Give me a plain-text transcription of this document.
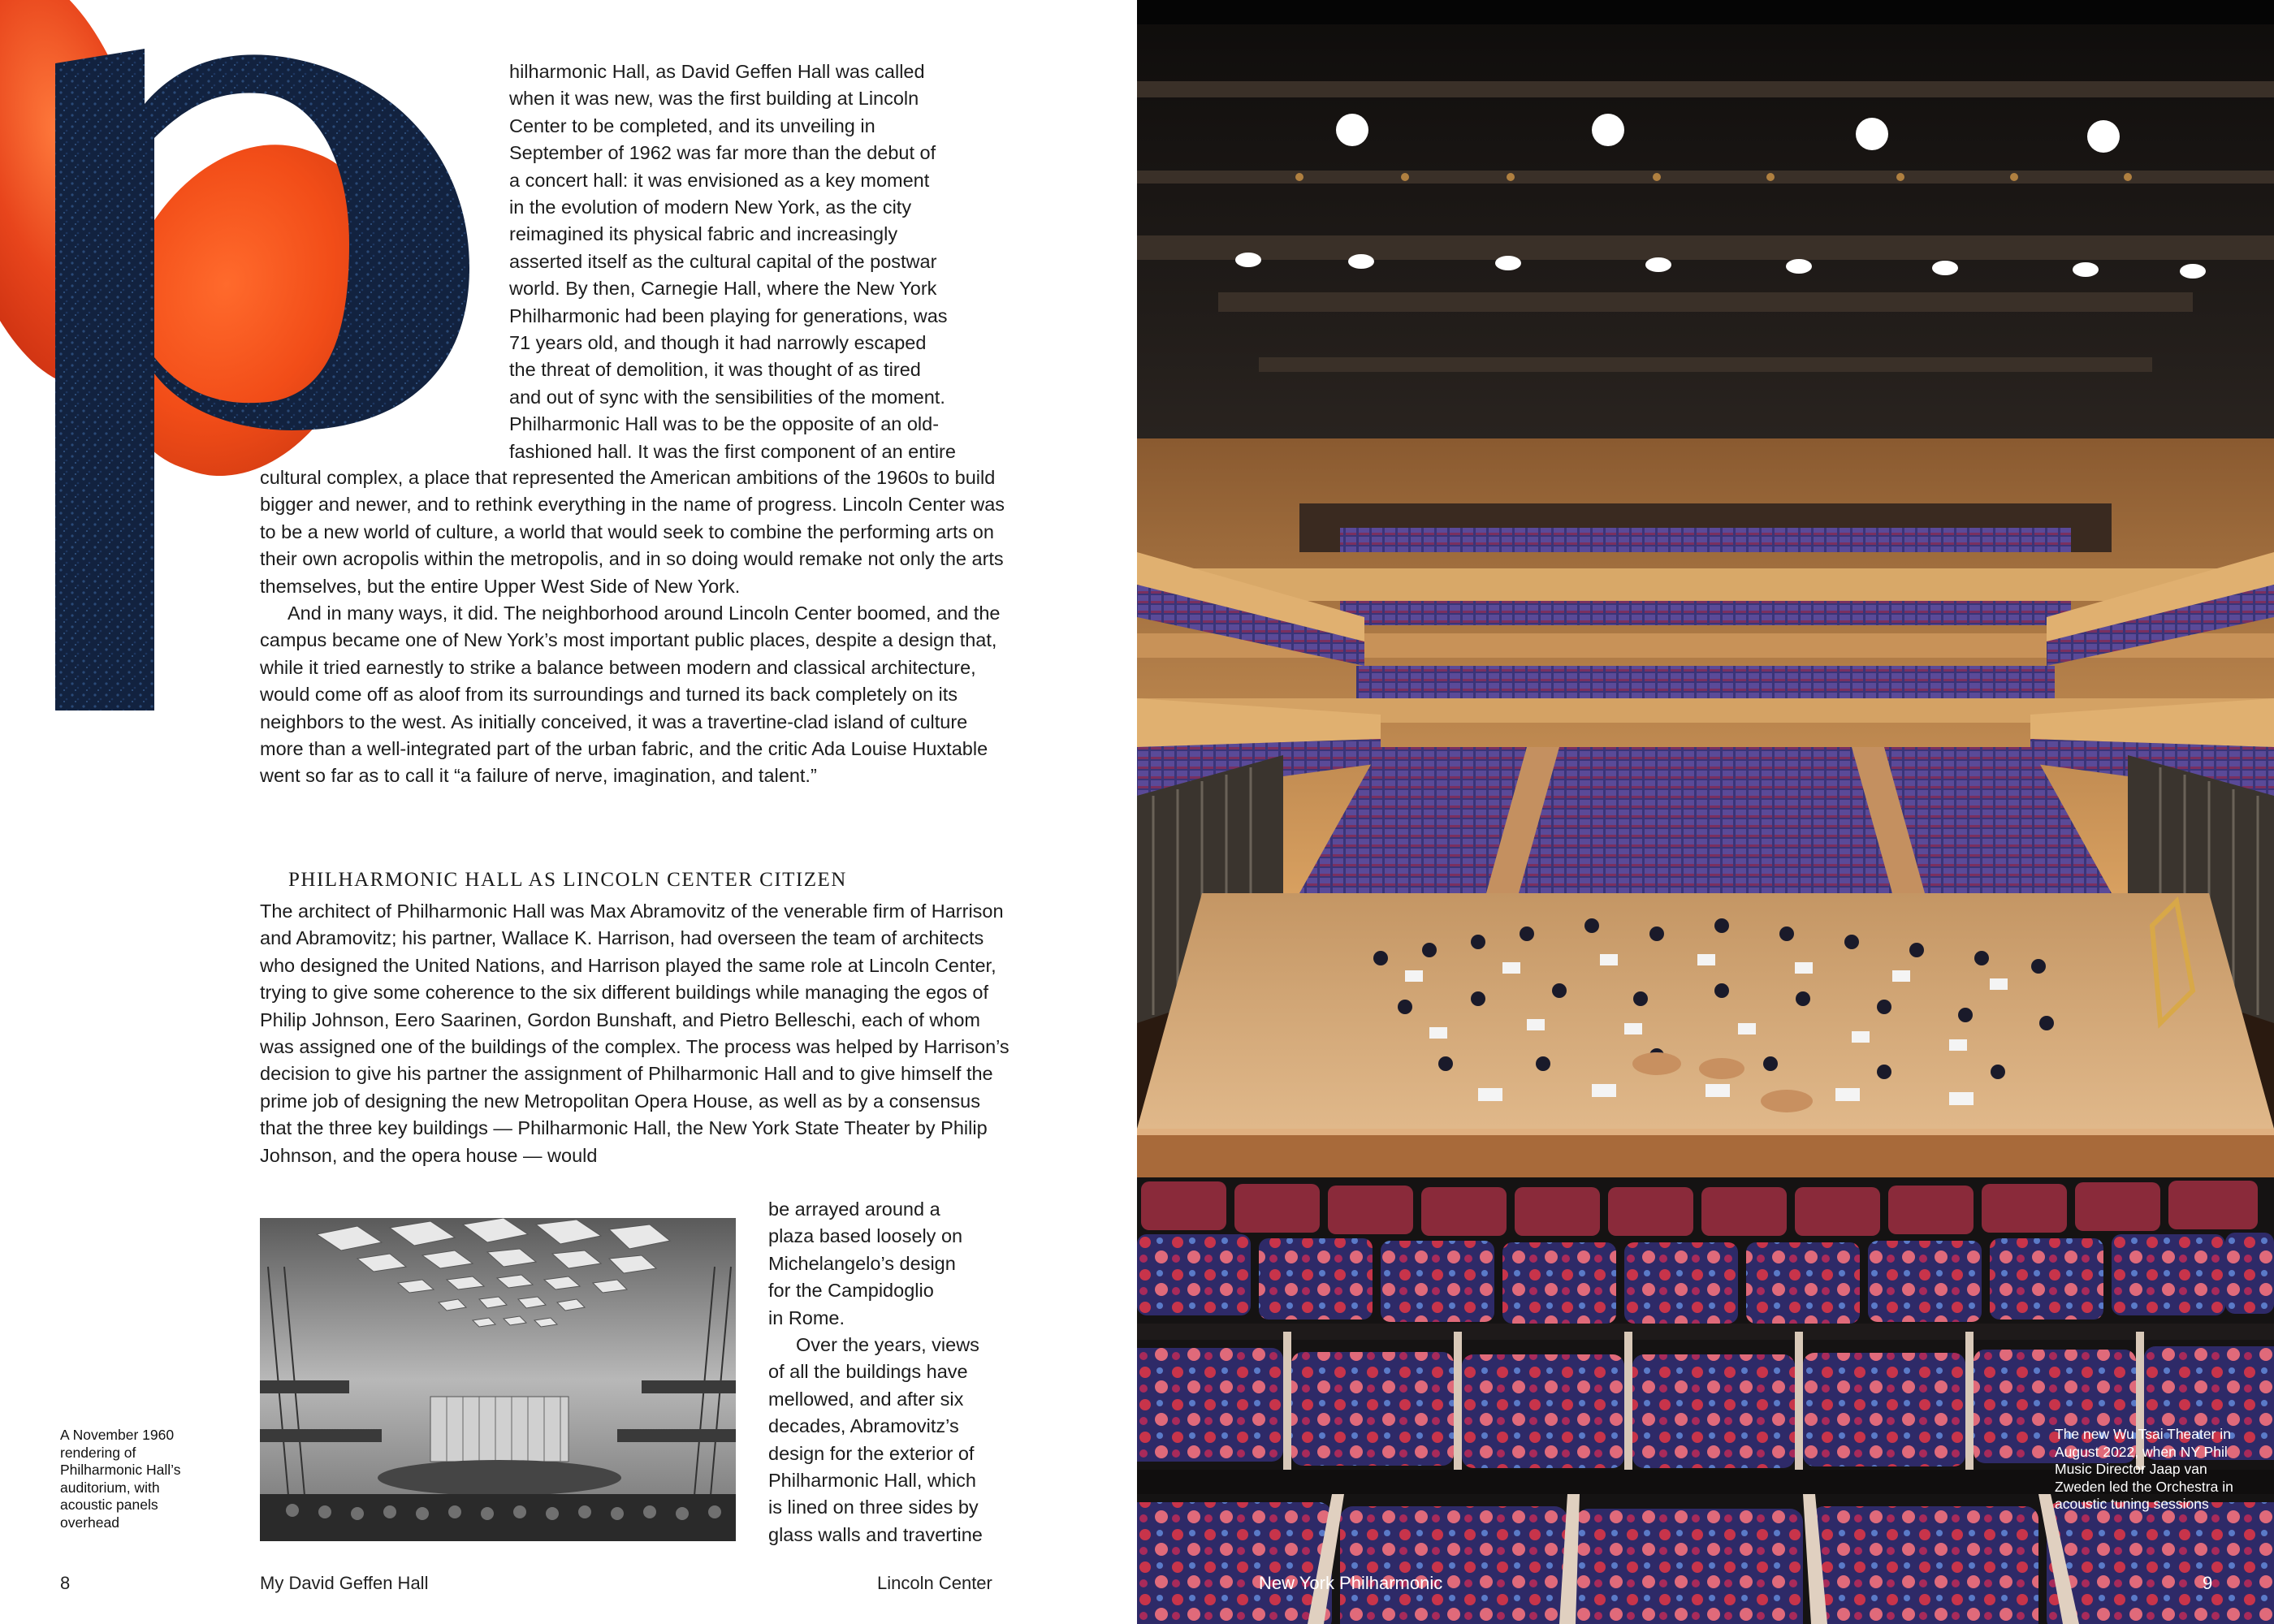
hilharmonic Hall, as David Geffen Hall was called
when it was new, was the first building at Lincoln
Center to be completed, and its unveiling in
September of 1962 was far more than the debut of
a concert hall: it was envisioned as a key moment
in the evolution of modern New York, as the city
reimagined its physical fabric and increasingly
asserted itself as the cultural capital of the postwar
world. By then, Carnegie Hall, where the New York
Philharmonic had been playing for generations, was
71 years old, and though it had narrowly escaped
the threat of demolition, it was thought of as tired
and out of sync with the sensibilities of the moment.
Philharmonic Hall was to be the opposite of an old-
fashioned hall. It was the first component of an entire

cultural complex, a place that represented the American ambitions of the 1960s to build bigger and newer, and to rethink everything in the name of progress. Lincoln Center was to be a new world of culture, a world that would seek to combine the performing arts on their own acropolis within the metropolis, and in so doing would remake not only the arts themselves, but the entire Upper West Side of New York.

And in many ways, it did. The neighborhood around Lincoln Center boomed, and the campus became one of New York’s most important public places, despite a design that, while it tried earnestly to strike a balance between modern and classical architecture, would come off as aloof from its surroundings and turned its back completely on its neighbors to the west. As initially conceived, it was a travertine-clad island of culture more than a well-integrated part of the urban fabric, and the critic Ada Louise Huxtable went so far as to call it “a failure of nerve, imagination, and talent.”

PHILHARMONIC HALL AS LINCOLN CENTER CITIZEN

The architect of Philharmonic Hall was Max Abramovitz of the venerable firm of Harrison and Abramovitz; his partner, Wallace K. Harrison, had overseen the team of architects who designed the United Nations, and Harrison played the same role at Lincoln Center, trying to give some coherence to the six different buildings while managing the egos of Philip Johnson, Eero Saarinen, Gordon Bunshaft, and Pietro Belleschi, each of whom was assigned one of the buildings of the complex. The process was helped by Harrison’s decision to give his partner the assignment of Philharmonic Hall and to give himself the prime job of designing the new Metropolitan Opera House, as well as by a consensus that the three key buildings — Philharmonic Hall, the New York State Theater by Philip Johnson, and the opera house — would

be arrayed around a
plaza based loosely on
Michelangelo’s design
for the Campidoglio
in Rome.
Over the years, views
of all the buildings have
mellowed, and after six
decades, Abramovitz’s
design for the exterior of
Philharmonic Hall, which
is lined on three sides by
glass walls and travertine
A November 1960 rendering of Philharmonic Hall’s auditorium, with acoustic panels overhead
8	My David Geffen Hall	Lincoln Center
The new Wu Tsai Theater in August 2022, when NY Phil Music Director Jaap van Zweden led the Orchestra in acoustic tuning sessions
New York Philharmonic	9
